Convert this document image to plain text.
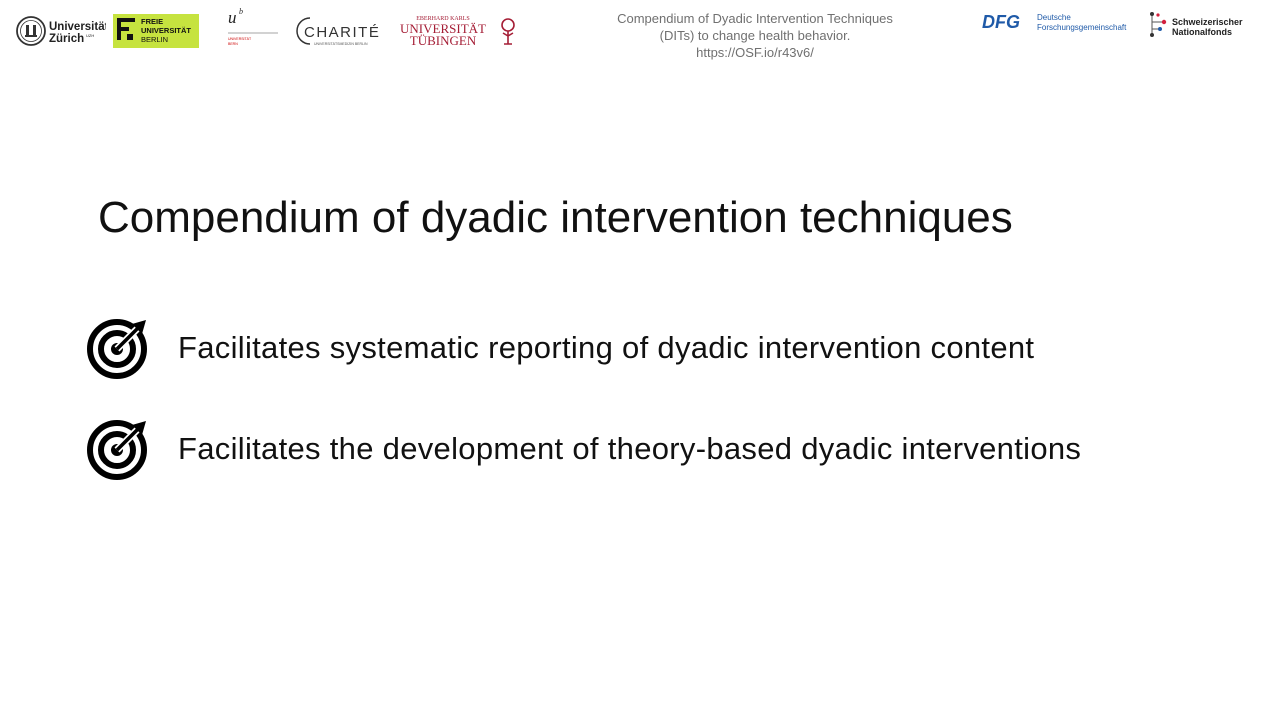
Universität
Zürich UZH
FREIE
UNIVERSITÄT
BERLIN
u b
UNIVERSITÄT
BERN
CHARITÉ
UNIVERSITÄTSMEDIZIN BERLIN
EBERHARD KARLS
UNIVERSITÄT
TÜBINGEN
Compendium of Dyadic Intervention Techniques
(DITs) to change health behavior.
https://OSF.io/r43v6/
DFG Deutsche
Forschungsgemeinschaft
Schweizerischer
Nationalfonds
Compendium of dyadic intervention techniques
Facilitates systematic reporting of dyadic intervention content
Facilitates the development of theory-based dyadic interventions
